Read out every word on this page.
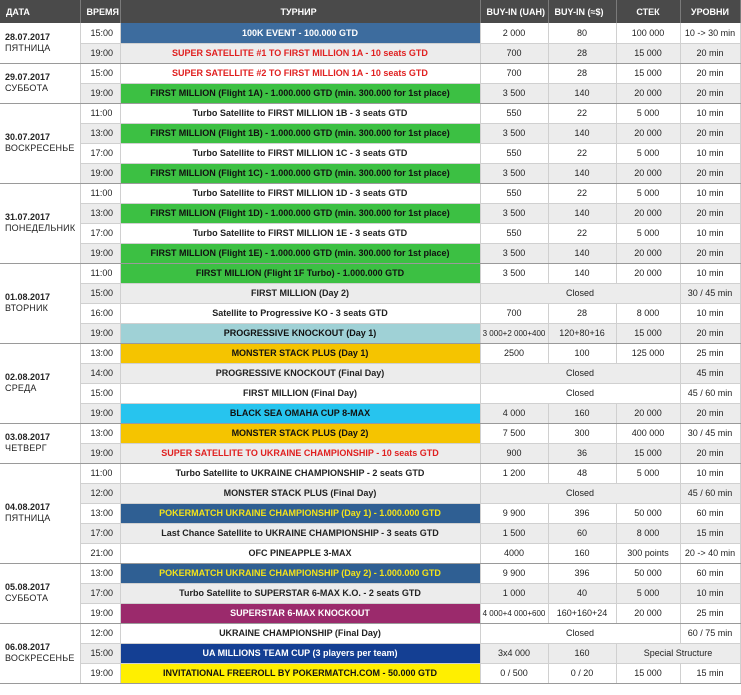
ДАТА	ВРЕМЯ	ТУРНИР	BUY-IN (UAH)	BUY-IN (≈$)	СТЕК	УРОВНИ

28.07.2017
ПЯТНИЦА	15:00	100K EVENT - 100.000 GTD	2 000	80	100 000	10 -> 30 min
	19:00	SUPER SATELLITE #1 TO FIRST MILLION 1A - 10 seats GTD	700	28	15 000	20 min

29.07.2017
СУББОТА	15:00	SUPER SATELLITE #2 TO FIRST MILLION 1A - 10 seats GTD	700	28	15 000	20 min
	19:00	FIRST MILLION (Flight 1A) - 1.000.000 GTD (min. 300.000 for 1st place)	3 500	140	20 000	20 min

30.07.2017
ВОСКРЕСЕНЬЕ	11:00	Turbo Satellite to FIRST MILLION 1B - 3 seats GTD	550	22	5 000	10 min
	13:00	FIRST MILLION (Flight 1B) - 1.000.000 GTD (min. 300.000 for 1st place)	3 500	140	20 000	20 min
	17:00	Turbo Satellite to FIRST MILLION 1C - 3 seats GTD	550	22	5 000	10 min
	19:00	FIRST MILLION (Flight 1C) - 1.000.000 GTD (min. 300.000 for 1st place)	3 500	140	20 000	20 min

31.07.2017
ПОНЕДЕЛЬНИК	11:00	Turbo Satellite to FIRST MILLION 1D - 3 seats GTD	550	22	5 000	10 min
	13:00	FIRST MILLION (Flight 1D) - 1.000.000 GTD (min. 300.000 for 1st place)	3 500	140	20 000	20 min
	17:00	Turbo Satellite to FIRST MILLION 1E - 3 seats GTD	550	22	5 000	10 min
	19:00	FIRST MILLION (Flight 1E) - 1.000.000 GTD (min. 300.000 for 1st place)	3 500	140	20 000	20 min

01.08.2017
ВТОРНИК	11:00	FIRST MILLION (Flight 1F Turbo) - 1.000.000 GTD	3 500	140	20 000	10 min
	15:00	FIRST MILLION (Day 2)	Closed			30 / 45 min
	16:00	Satellite to Progressive KO - 3 seats GTD	700	28	8 000	10 min
	19:00	PROGRESSIVE KNOCKOUT (Day 1)	3 000+2 000+400	120+80+16	15 000	20 min

02.08.2017
СРЕДА	13:00	MONSTER STACK PLUS (Day 1)	2500	100	125 000	25 min
	14:00	PROGRESSIVE KNOCKOUT (Final Day)	Closed			45 min
	15:00	FIRST MILLION (Final Day)	Closed			45 / 60 min
	19:00	BLACK SEA OMAHA CUP 8-MAX	4 000	160	20 000	20 min

03.08.2017
ЧЕТВЕРГ	13:00	MONSTER STACK PLUS (Day 2)	7 500	300	400 000	30 / 45 min
	19:00	SUPER SATELLITE TO UKRAINE CHAMPIONSHIP - 10 seats GTD	900	36	15 000	20 min

04.08.2017
ПЯТНИЦА	11:00	Turbo Satellite to UKRAINE CHAMPIONSHIP - 2 seats GTD	1 200	48	5 000	10 min
	12:00	MONSTER STACK PLUS (Final Day)	Closed			45 / 60 min
	13:00	POKERMATCH UKRAINE CHAMPIONSHIP (Day 1) - 1.000.000 GTD	9 900	396	50 000	60 min
	17:00	Last Chance Satellite to UKRAINE CHAMPIONSHIP - 3 seats GTD	1 500	60	8 000	15 min
	21:00	OFC PINEAPPLE 3-MAX	4000	160	300 points	20 -> 40 min

05.08.2017
СУББОТА	13:00	POKERMATCH UKRAINE CHAMPIONSHIP (Day 2) - 1.000.000 GTD	9 900	396	50 000	60 min
	17:00	Turbo Satellite to SUPERSTAR 6-MAX K.O. - 2 seats GTD	1 000	40	5 000	10 min
	19:00	SUPERSTAR 6-MAX KNOCKOUT	4 000+4 000+600	160+160+24	20 000	25 min

06.08.2017
ВОСКРЕСЕНЬЕ	12:00	UKRAINE CHAMPIONSHIP (Final Day)	Closed			60 / 75 min
	15:00	UA MILLIONS TEAM CUP (3 players per team)	3x4 000	160	Special Structure	
	19:00	INVITATIONAL FREEROLL BY POKERMATCH.COM - 50.000 GTD	0 / 500	0 / 20	15 000	15 min
